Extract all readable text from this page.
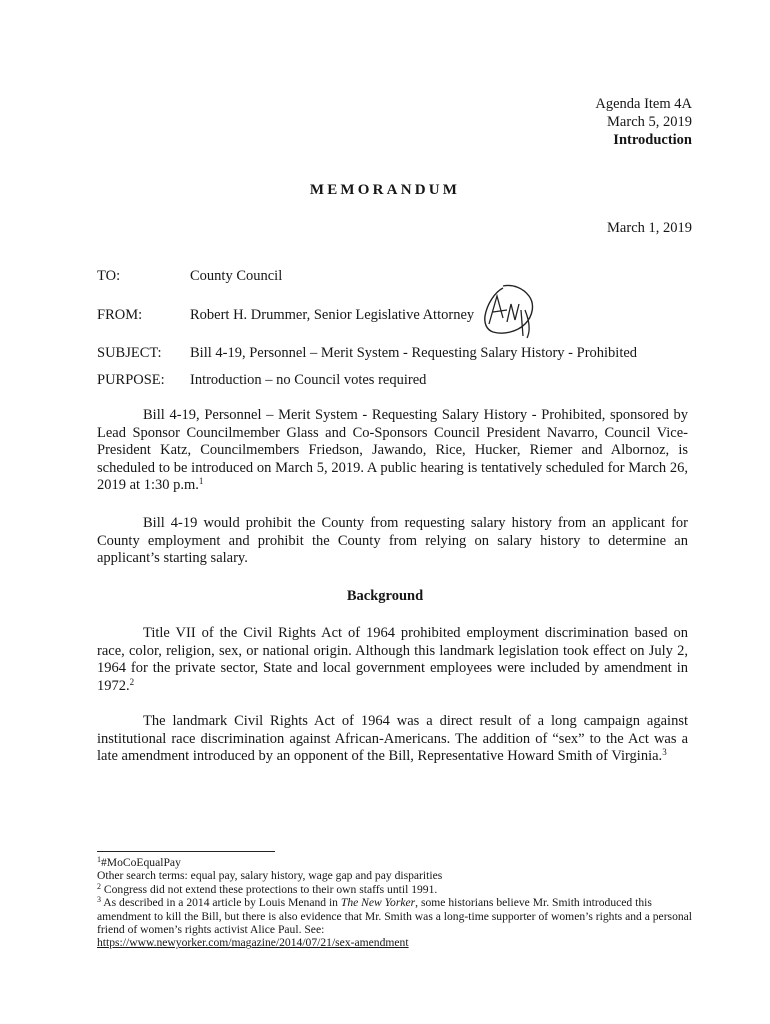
Agenda Item 4A
March 5, 2019
Introduction
MEMORANDUM
March 1, 2019
TO:	County Council
FROM:	Robert H. Drummer, Senior Legislative Attorney
SUBJECT: Bill 4-19, Personnel – Merit System - Requesting Salary History - Prohibited
PURPOSE: Introduction – no Council votes required

Bill 4-19, Personnel – Merit System - Requesting Salary History - Prohibited, sponsored by Lead Sponsor Councilmember Glass and Co-Sponsors Council President Navarro, Council Vice-President Katz, Councilmembers Friedson, Jawando, Rice, Hucker, Riemer and Albornoz, is scheduled to be introduced on March 5, 2019. A public hearing is tentatively scheduled for March 26, 2019 at 1:30 p.m.$^1$

Bill 4-19 would prohibit the County from requesting salary history from an applicant for County employment and prohibit the County from relying on salary history to determine an applicant’s starting salary.

Background

Title VII of the Civil Rights Act of 1964 prohibited employment discrimination based on race, color, religion, sex, or national origin. Although this landmark legislation took effect on July 2, 1964 for the private sector, State and local government employees were included by amendment in 1972.$^2$

The landmark Civil Rights Act of 1964 was a direct result of a long campaign against institutional race discrimination against African-Americans. The addition of “sex” to the Act was a late amendment introduced by an opponent of the Bill, Representative Howard Smith of Virginia.$^3$

$^1$#MoCoEqualPay

Other search terms: equal pay, salary history, wage gap and pay disparities

$^2$ Congress did not extend these protections to their own staffs until 1991.

$^3$ As described in a 2014 article by Louis Menand in The New Yorker, some historians believe Mr. Smith introduced this amendment to kill the Bill, but there is also evidence that Mr. Smith was a long-time supporter of women’s rights and a personal friend of women’s rights activist Alice Paul. See:

https://www.newyorker.com/magazine/2014/07/21/sex-amendment
